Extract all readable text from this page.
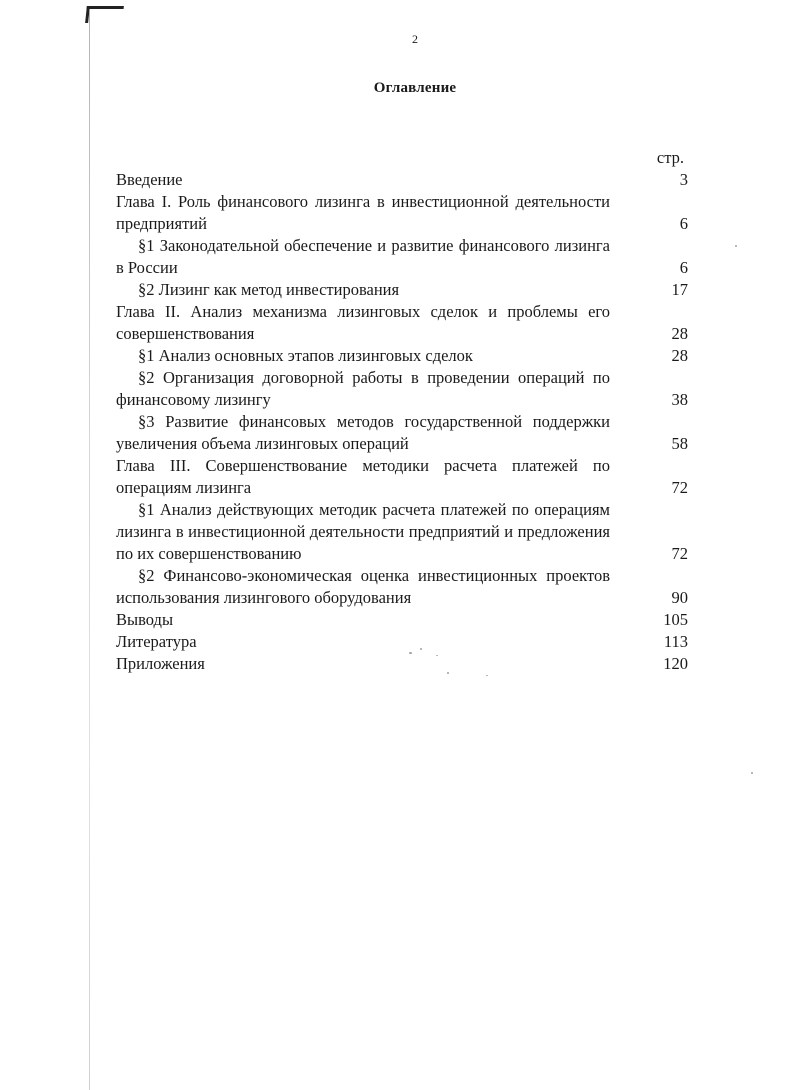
2
Оглавление
стр.
Введение	3
Глава I. Роль финансового лизинга в инвестиционной деятельности предприятий	6
§1 Законодательной обеспечение и развитие финансового лизинга в России	6
§2 Лизинг как метод инвестирования	17
Глава II. Анализ механизма лизинговых сделок и проблемы его совершенствования	28
§1 Анализ основных этапов лизинговых сделок	28
§2 Организация договорной работы в проведении операций по финансовому лизингу	38
§3 Развитие финансовых методов государственной поддержки увеличения объема лизинговых операций	58
Глава III. Совершенствование методики расчета платежей по операциям лизинга	72
§1 Анализ действующих методик расчета платежей по операциям лизинга в инвестиционной деятельности предприятий и предложения по их совершенствованию	72
§2 Финансово-экономическая оценка инвестиционных проектов использования лизингового оборудования	90
Выводы	105
Литература	113
Приложения	120
